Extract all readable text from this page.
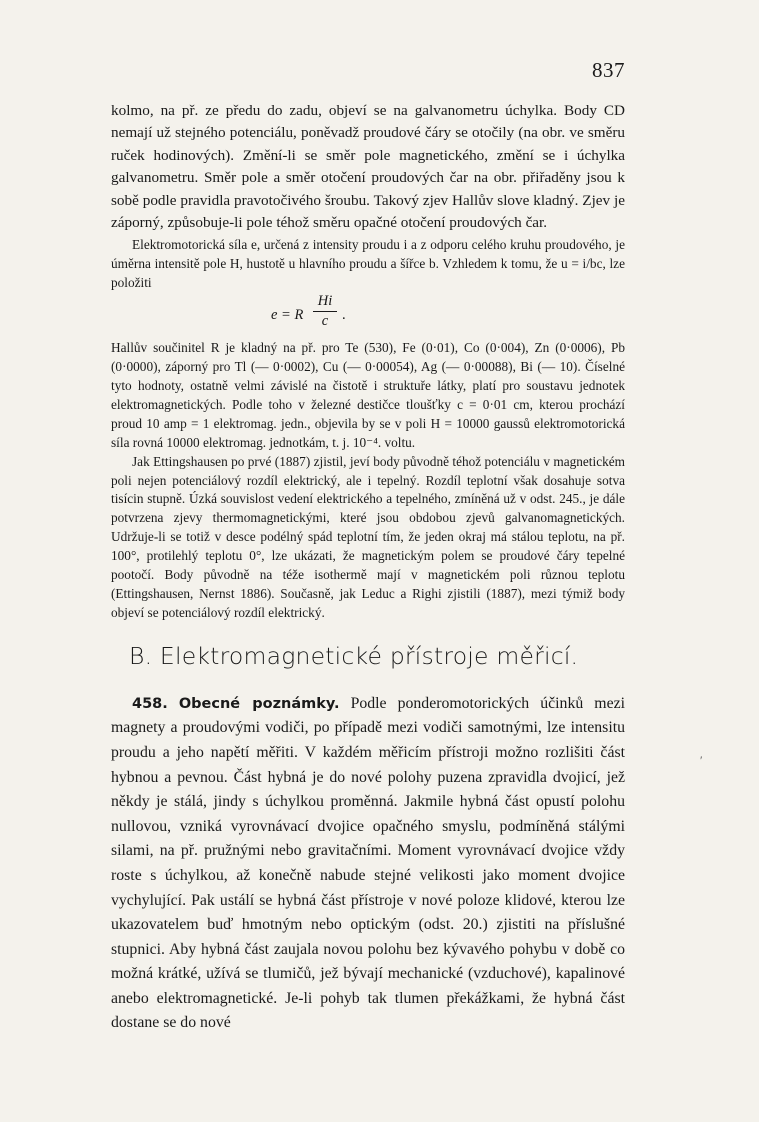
837

kolmo, na př. ze předu do zadu, objeví se na galvanometru úchylka. Body CD nemají už stejného potenciálu, poněvadž proudové čáry se otočily (na obr. ve směru ruček hodinových). Změní-li se směr pole magnetického, změní se i úchylka galvanometru. Směr pole a směr otočení proudových čar na obr. přiřaděny jsou k sobě podle pravidla pravotočivého šroubu. Takový zjev Hallův slove kladný. Zjev je záporný, způsobuje-li pole téhož směru opačné otočení proudových čar.

Elektromotorická síla e, určená z intensity proudu i a z odporu celého kruhu proudového, je úměrna intensitě pole H, hustotě u hlavního proudu a šířce b. Vzhledem k tomu, že u = i/bc, lze položiti

e = R
Hi
c .

Hallův součinitel R je kladný na př. pro Te (530), Fe (0·01), Co (0·004), Zn (0·0006), Pb (0·0000), záporný pro Tl (— 0·0002), Cu (— 0·00054), Ag (— 0·00088), Bi (— 10). Číselné tyto hodnoty, ostatně velmi závislé na čistotě i struktuře látky, platí pro soustavu jednotek elektromagnetických. Podle toho v železné destičce tloušťky c = 0·01 cm, kterou prochází proud 10 amp = 1 elektromag. jedn., objevila by se v poli H = 10000 gaussů elektromotorická síla rovná 10000 elektromag. jednotkám, t. j. 10⁻⁴. voltu.

Jak Ettingshausen po prvé (1887) zjistil, jeví body původně téhož potenciálu v magnetickém poli nejen potenciálový rozdíl elektrický, ale i tepelný. Rozdíl teplotní však dosahuje sotva tisícin stupně. Úzká souvislost vedení elektrického a tepelného, zmíněná už v odst. 245., je dále potvrzena zjevy thermomagnetickými, které jsou obdobou zjevů galvanomagnetických. Udržuje-li se totiž v desce podélný spád teplotní tím, že jeden okraj má stálou teplotu, na př. 100°, protilehlý teplotu 0°, lze ukázati, že magnetickým polem se proudové čáry tepelné pootočí. Body původně na téže isothermě mají v magnetickém poli různou teplotu (Ettingshausen, Nernst 1886). Současně, jak Leduc a Righi zjistili (1887), mezi týmiž body objeví se potenciálový rozdíl elektrický.

B. Elektromagnetické přístroje měřicí.

458. Obecné poznámky. Podle ponderomotorických účinků mezi magnety a proudovými vodiči, po případě mezi vodiči samotnými, lze intensitu proudu a jeho napětí měřiti. V každém měřicím přístroji možno rozlišiti část hybnou a pevnou. Část hybná je do nové polohy puzena zpravidla dvojicí, jež někdy je stálá, jindy s úchylkou proměnná. Jakmile hybná část opustí polohu nullovou, vzniká vyrovnávací dvojice opačného smyslu, podmíněná stálými silami, na př. pružnými nebo gravitačními. Moment vyrovnávací dvojice vždy roste s úchylkou, až konečně nabude stejné velikosti jako moment dvojice vychylující. Pak ustálí se hybná část přístroje v nové poloze klidové, kterou lze ukazovatelem buď hmotným nebo optickým (odst. 20.) zjistiti na příslušné stupnici. Aby hybná část zaujala novou polohu bez kývavého pohybu v době co možná krátké, užívá se tlumičů, jež bývají mechanické (vzduchové), kapalinové anebo elektromagnetické. Je-li pohyb tak tlumen překážkami, že hybná část dostane se do nové

′
